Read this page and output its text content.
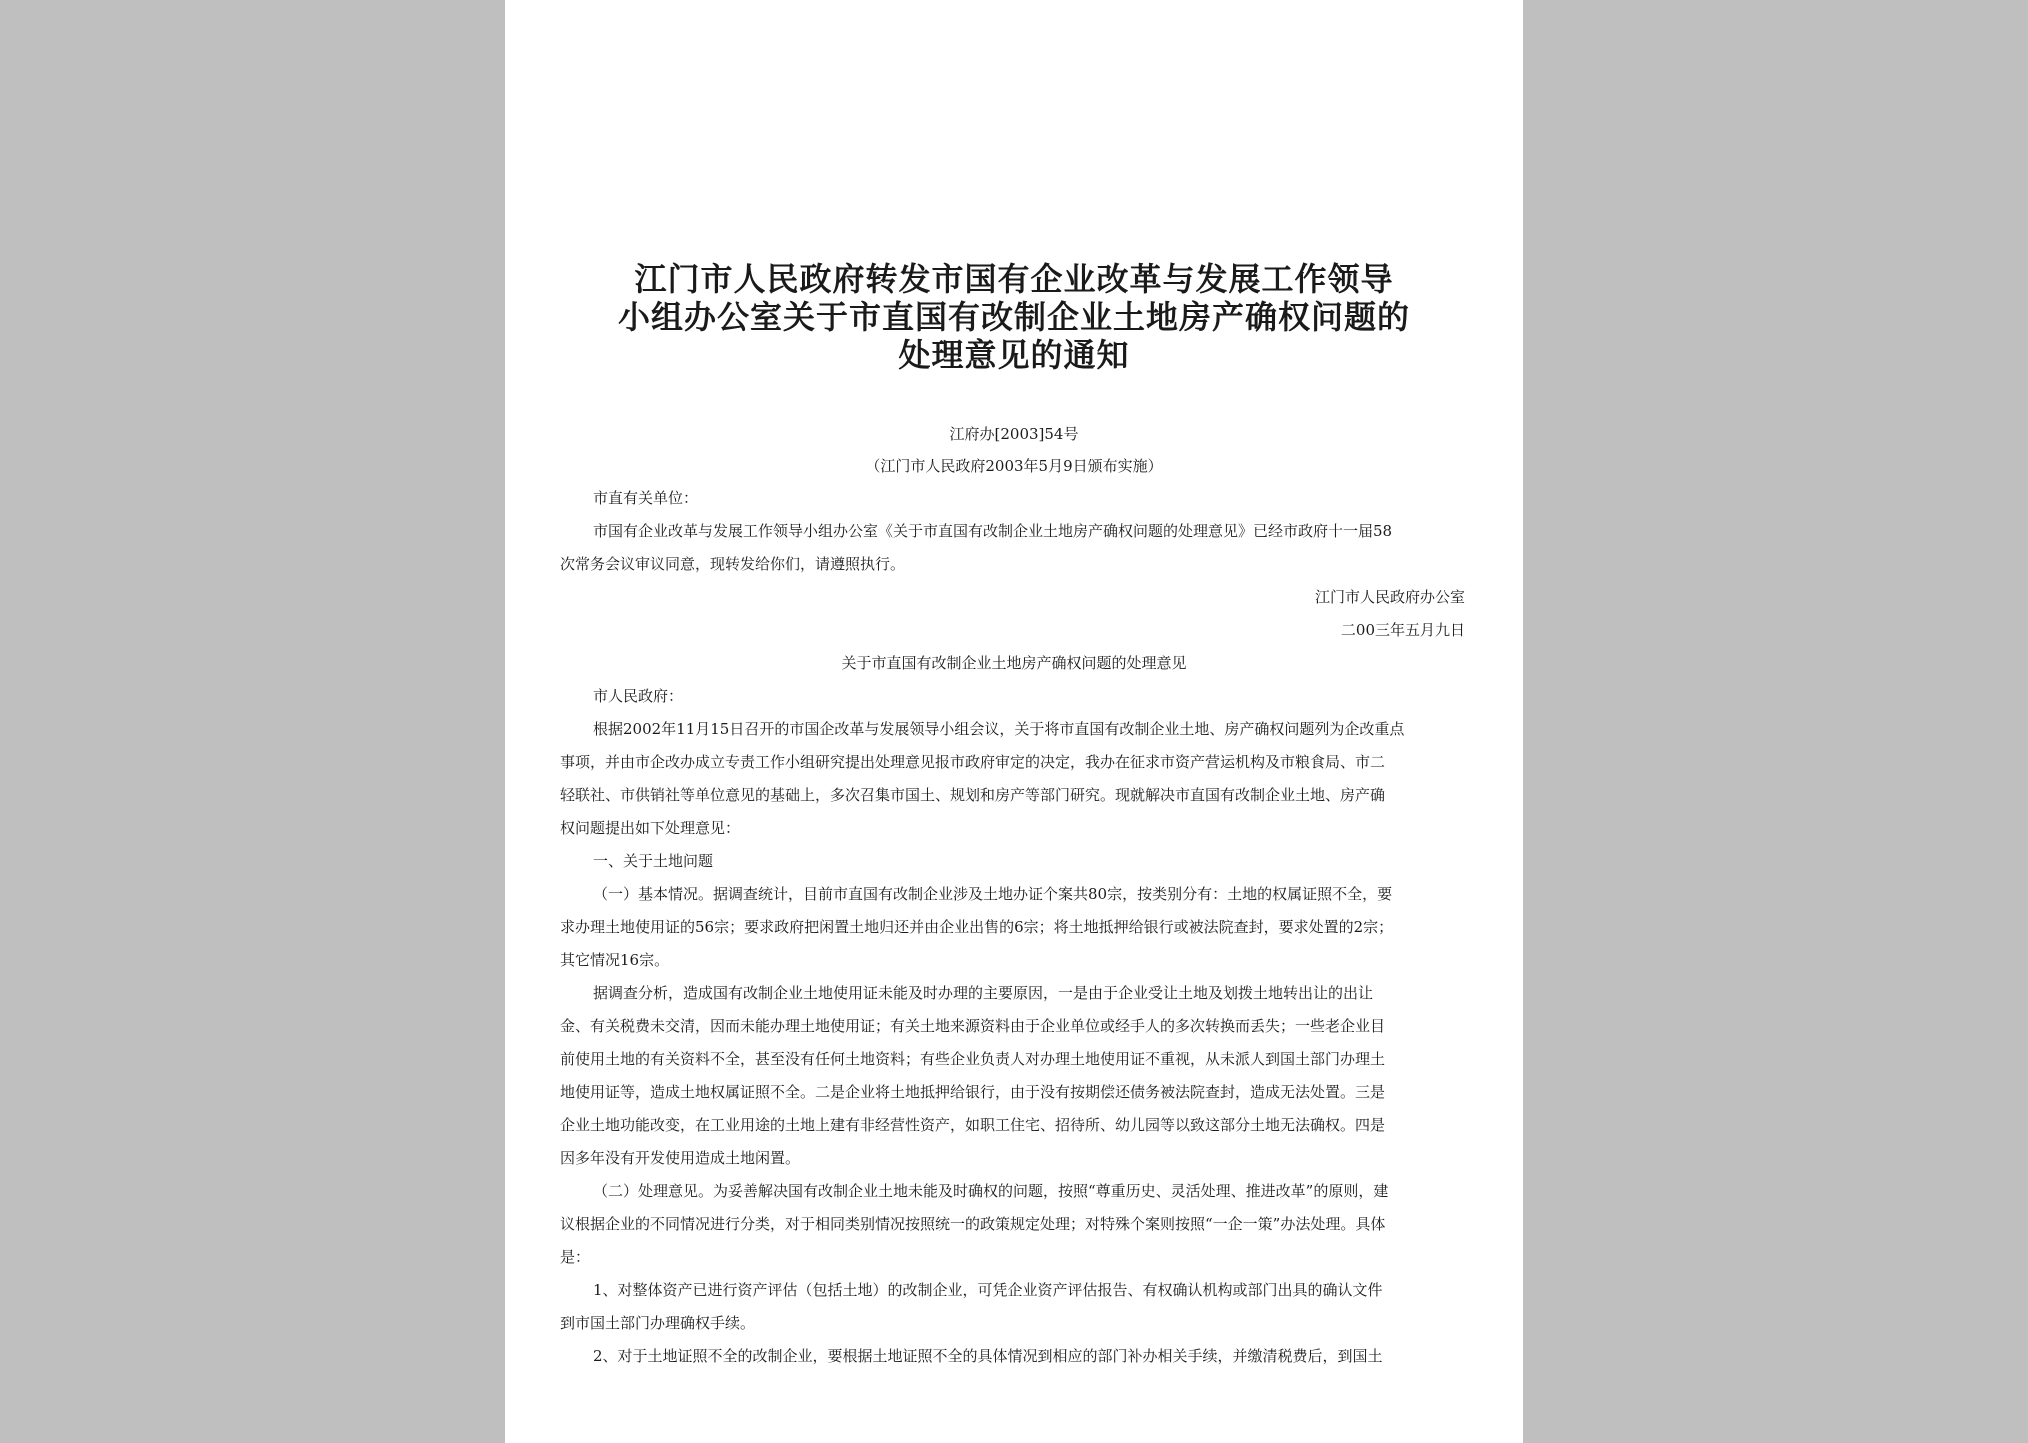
江门市人民政府转发市国有企业改革与发展工作领导
小组办公室关于市直国有改制企业土地房产确权问题的
处理意见的通知
江府办[2003]54号
（江门市人民政府2003年5月9日颁布实施）
市直有关单位：
市国有企业改革与发展工作领导小组办公室《关于市直国有改制企业土地房产确权问题的处理意见》已经市政府十一届58
次常务会议审议同意，现转发给你们，请遵照执行。
江门市人民政府办公室
二00三年五月九日
关于市直国有改制企业土地房产确权问题的处理意见
市人民政府：
根据2002年11月15日召开的市国企改革与发展领导小组会议，关于将市直国有改制企业土地、房产确权问题列为企改重点
事项，并由市企改办成立专责工作小组研究提出处理意见报市政府审定的决定，我办在征求市资产营运机构及市粮食局、市二
轻联社、市供销社等单位意见的基础上，多次召集市国土、规划和房产等部门研究。现就解决市直国有改制企业土地、房产确
权问题提出如下处理意见：
一、关于土地问题
（一）基本情况。据调查统计，目前市直国有改制企业涉及土地办证个案共80宗，按类别分有：土地的权属证照不全，要
求办理土地使用证的56宗；要求政府把闲置土地归还并由企业出售的6宗；将土地抵押给银行或被法院查封，要求处置的2宗；
其它情况16宗。
据调查分析，造成国有改制企业土地使用证未能及时办理的主要原因，一是由于企业受让土地及划拨土地转出让的出让
金、有关税费未交清，因而未能办理土地使用证；有关土地来源资料由于企业单位或经手人的多次转换而丢失；一些老企业目
前使用土地的有关资料不全，甚至没有任何土地资料；有些企业负责人对办理土地使用证不重视，从未派人到国土部门办理土
地使用证等，造成土地权属证照不全。二是企业将土地抵押给银行，由于没有按期偿还债务被法院查封，造成无法处置。三是
企业土地功能改变，在工业用途的土地上建有非经营性资产，如职工住宅、招待所、幼儿园等以致这部分土地无法确权。四是
因多年没有开发使用造成土地闲置。
（二）处理意见。为妥善解决国有改制企业土地未能及时确权的问题，按照“尊重历史、灵活处理、推进改革”的原则，建
议根据企业的不同情况进行分类，对于相同类别情况按照统一的政策规定处理；对特殊个案则按照“一企一策”办法处理。具体
是：
1、对整体资产已进行资产评估（包括土地）的改制企业，可凭企业资产评估报告、有权确认机构或部门出具的确认文件
到市国土部门办理确权手续。
2、对于土地证照不全的改制企业，要根据土地证照不全的具体情况到相应的部门补办相关手续，并缴清税费后，到国土
